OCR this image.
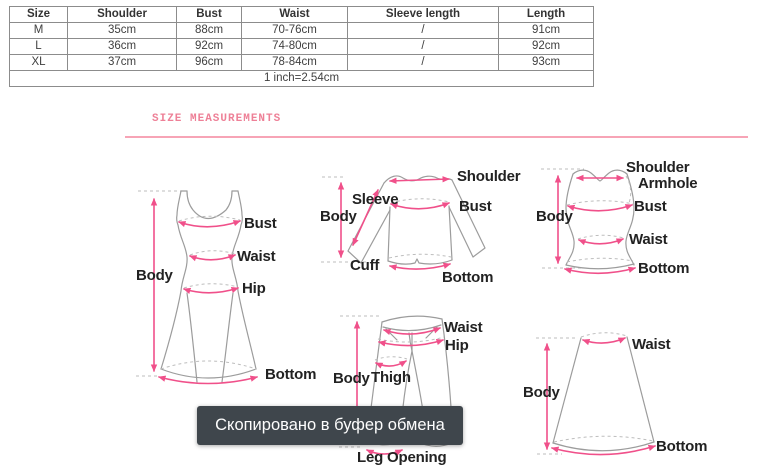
Size	Shoulder	Bust	Waist	Sleeve length	Length
M	35cm	88cm	70-76cm	/	91cm
L	36cm	92cm	74-80cm	/	92cm
XL	37cm	96cm	78-84cm	/	93cm
1 inch=2.54cm					
SIZE MEASUREMENTS
Body
Bust
Waist
Hip
Bottom
Shoulder
Sleeve
Body
Bust
Cuff
Bottom
Shoulder
Armhole
Bust
Body
Waist
Bottom
Waist
Hip
Body Thigh
Leg Opening
Waist
Body
Bottom
Скопировано в буфер обмена
